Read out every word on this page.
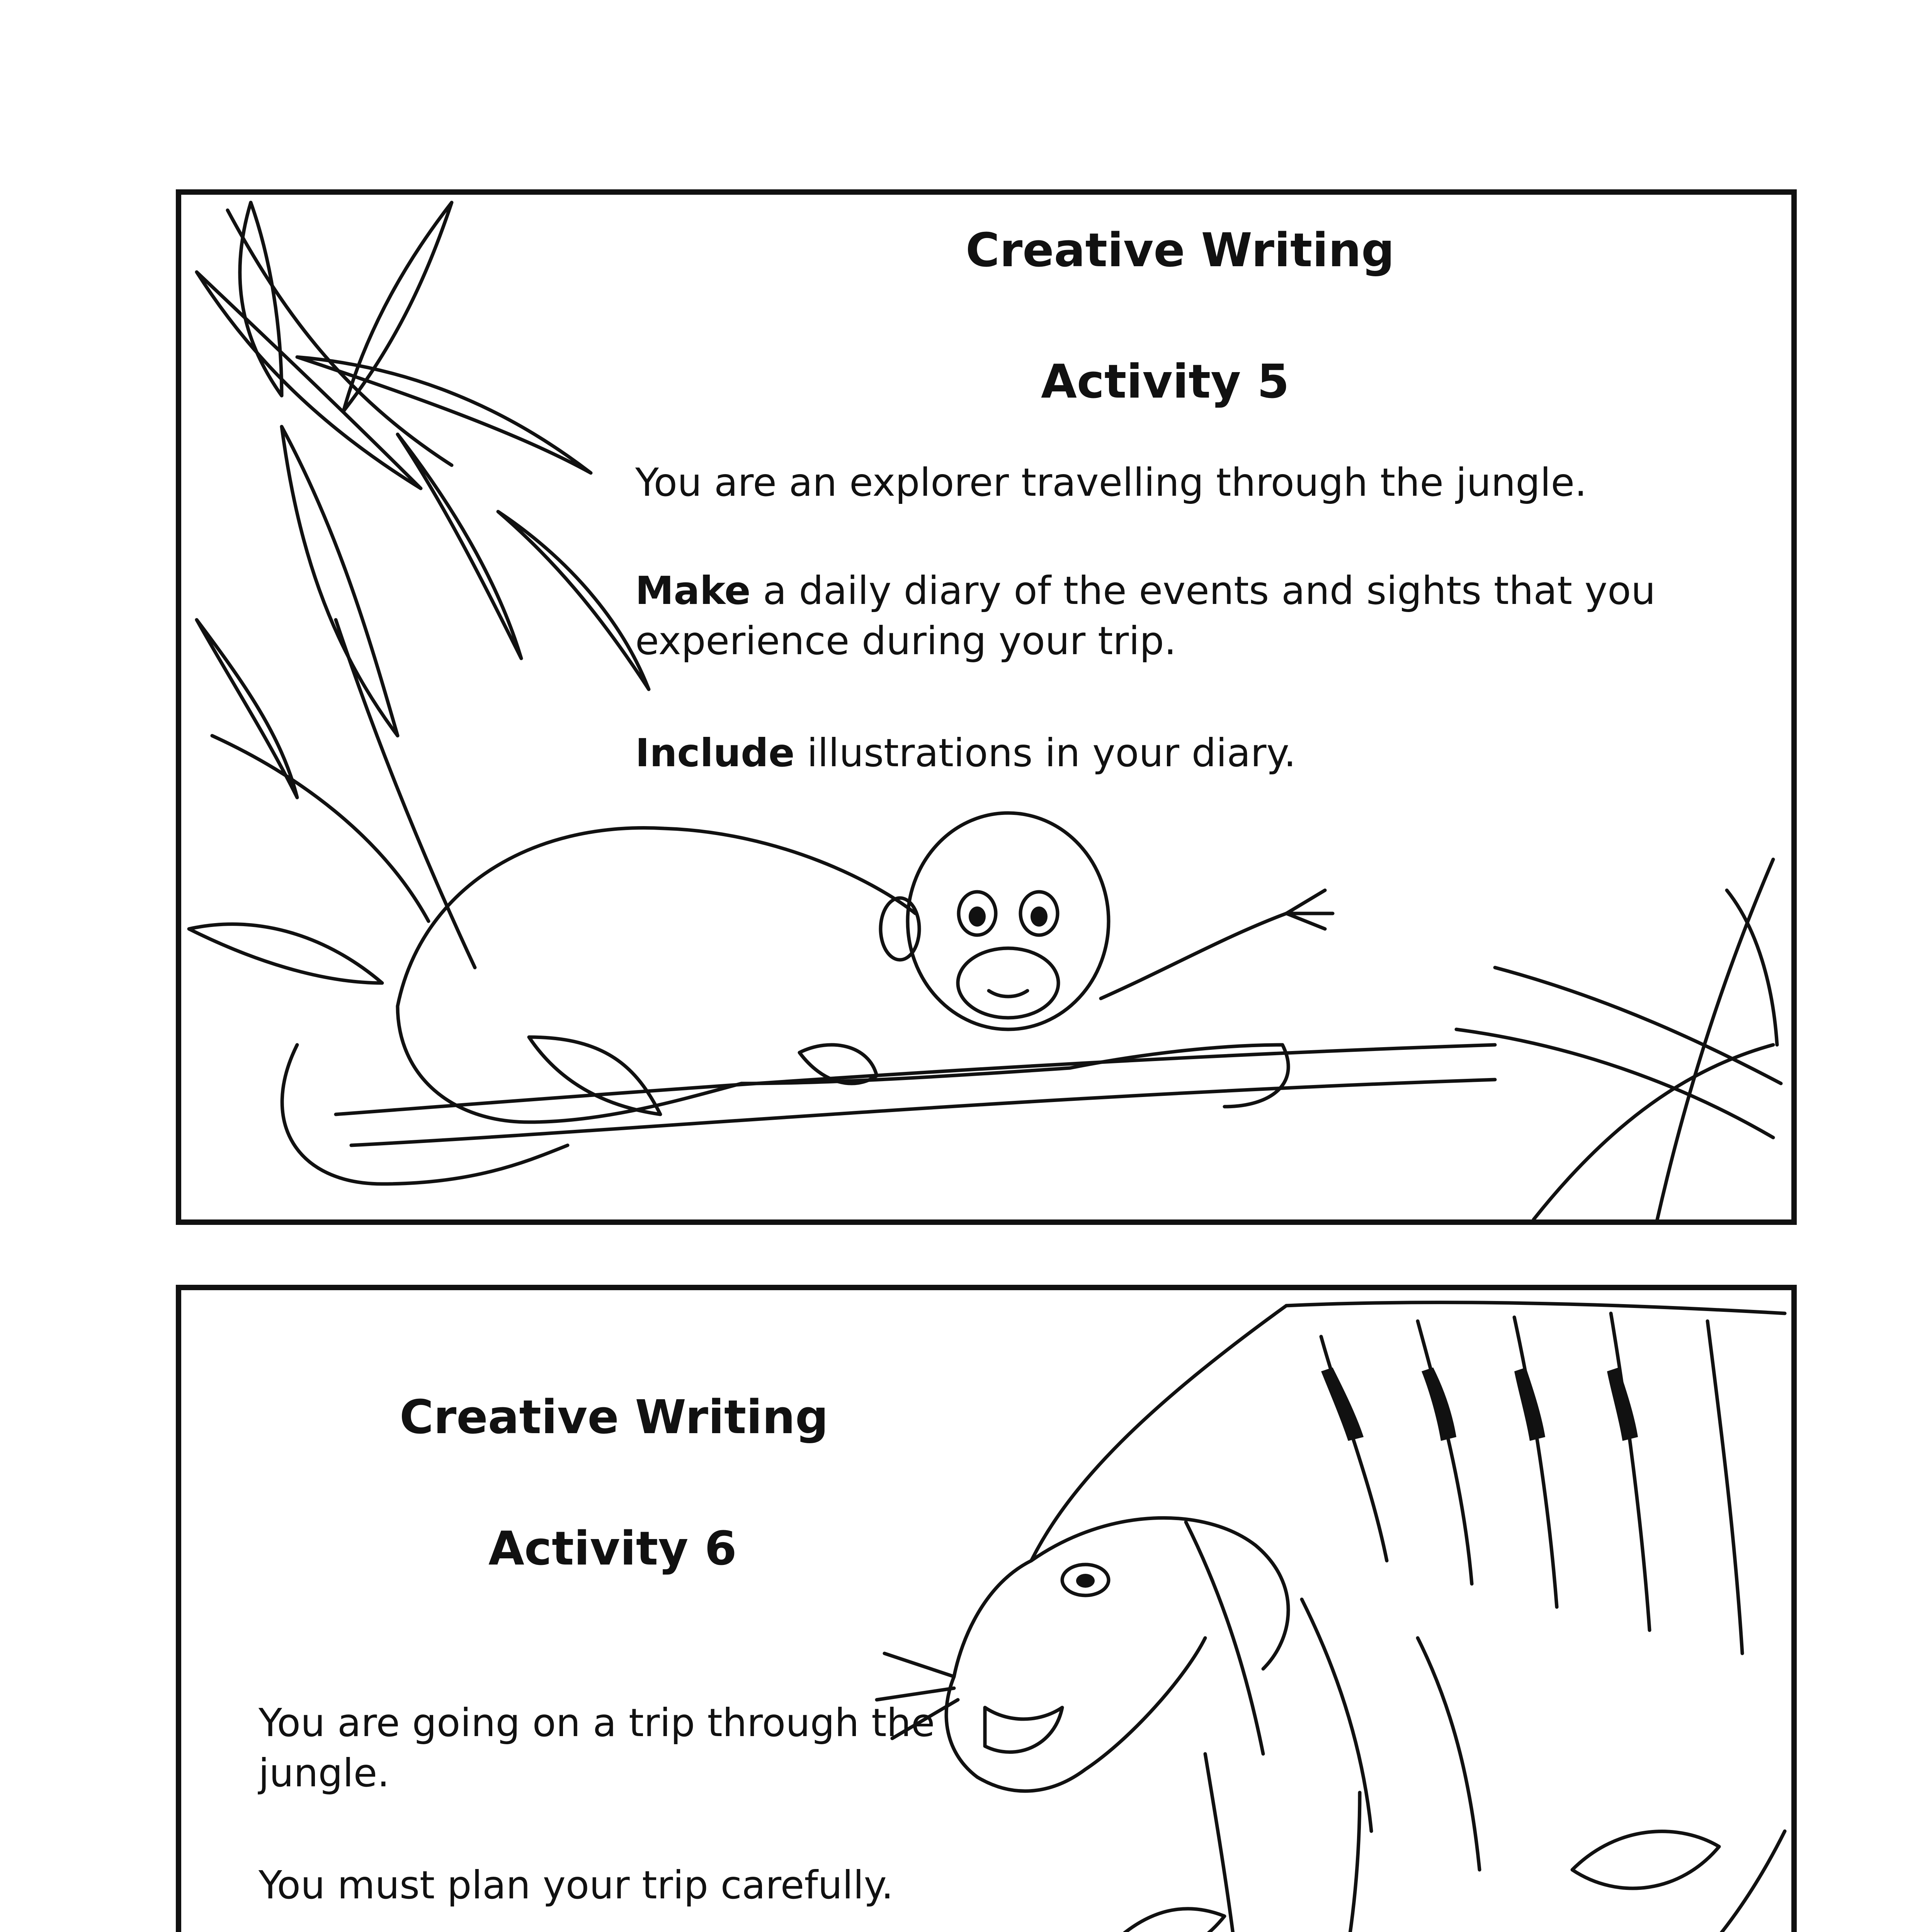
Creative Writing
Activity 5

You are an explorer travelling through the jungle.

Make a daily diary of the events and sights that you experience during your trip.

Include illustrations in your diary.

Creative Writing
Activity 6

You are going on a trip through the jungle.

You must plan your trip carefully.
